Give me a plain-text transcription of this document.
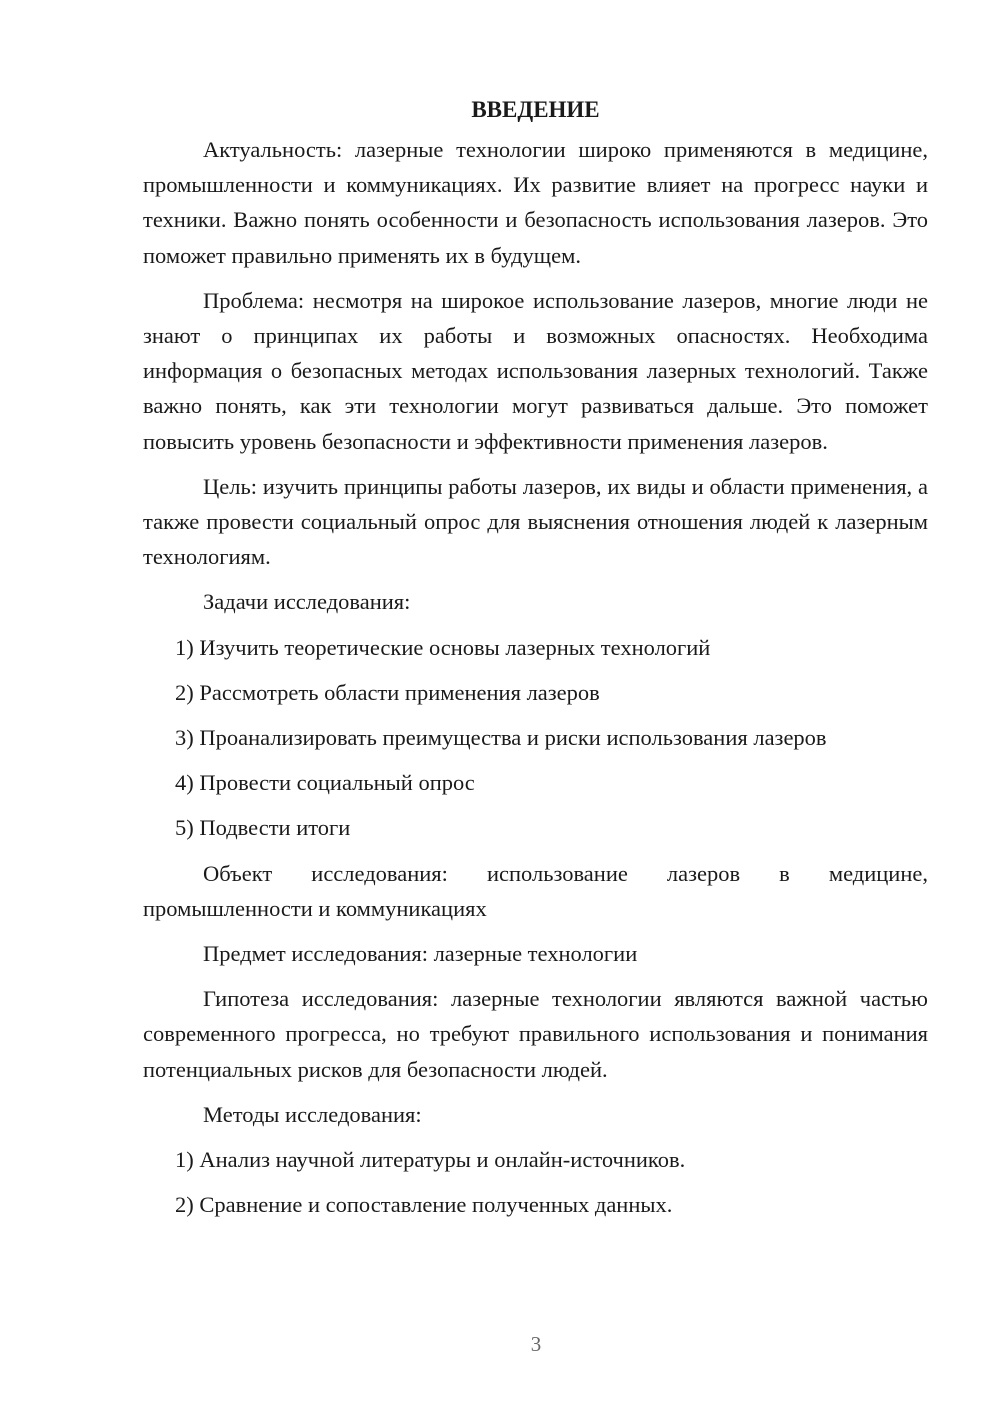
ВВЕДЕНИЕ

Актуальность: лазерные технологии широко применяются в медицине, промышленности и коммуникациях. Их развитие влияет на прогресс науки и техники. Важно понять особенности и безопасность использования лазеров. Это поможет правильно применять их в будущем.

Проблема: несмотря на широкое использование лазеров, многие люди не знают о принципах их работы и возможных опасностях. Необходима информация о безопасных методах использования лазерных технологий. Также важно понять, как эти технологии могут развиваться дальше. Это поможет повысить уровень безопасности и эффективности применения лазеров.

Цель: изучить принципы работы лазеров, их виды и области применения, а также провести социальный опрос для выяснения отношения людей к лазерным технологиям.

Задачи исследования:

1) Изучить теоретические основы лазерных технологий

2) Рассмотреть области применения лазеров

3) Проанализировать преимущества и риски использования лазеров

4) Провести социальный опрос

5) Подвести итоги

Объект исследования: использование лазеров в медицине, промышленности и коммуникациях

Предмет исследования: лазерные технологии

Гипотеза исследования: лазерные технологии являются важной частью современного прогресса, но требуют правильного использования и понимания потенциальных рисков для безопасности людей.

Методы исследования:

1) Анализ научной литературы и онлайн-источников.

2) Сравнение и сопоставление полученных данных.

3
